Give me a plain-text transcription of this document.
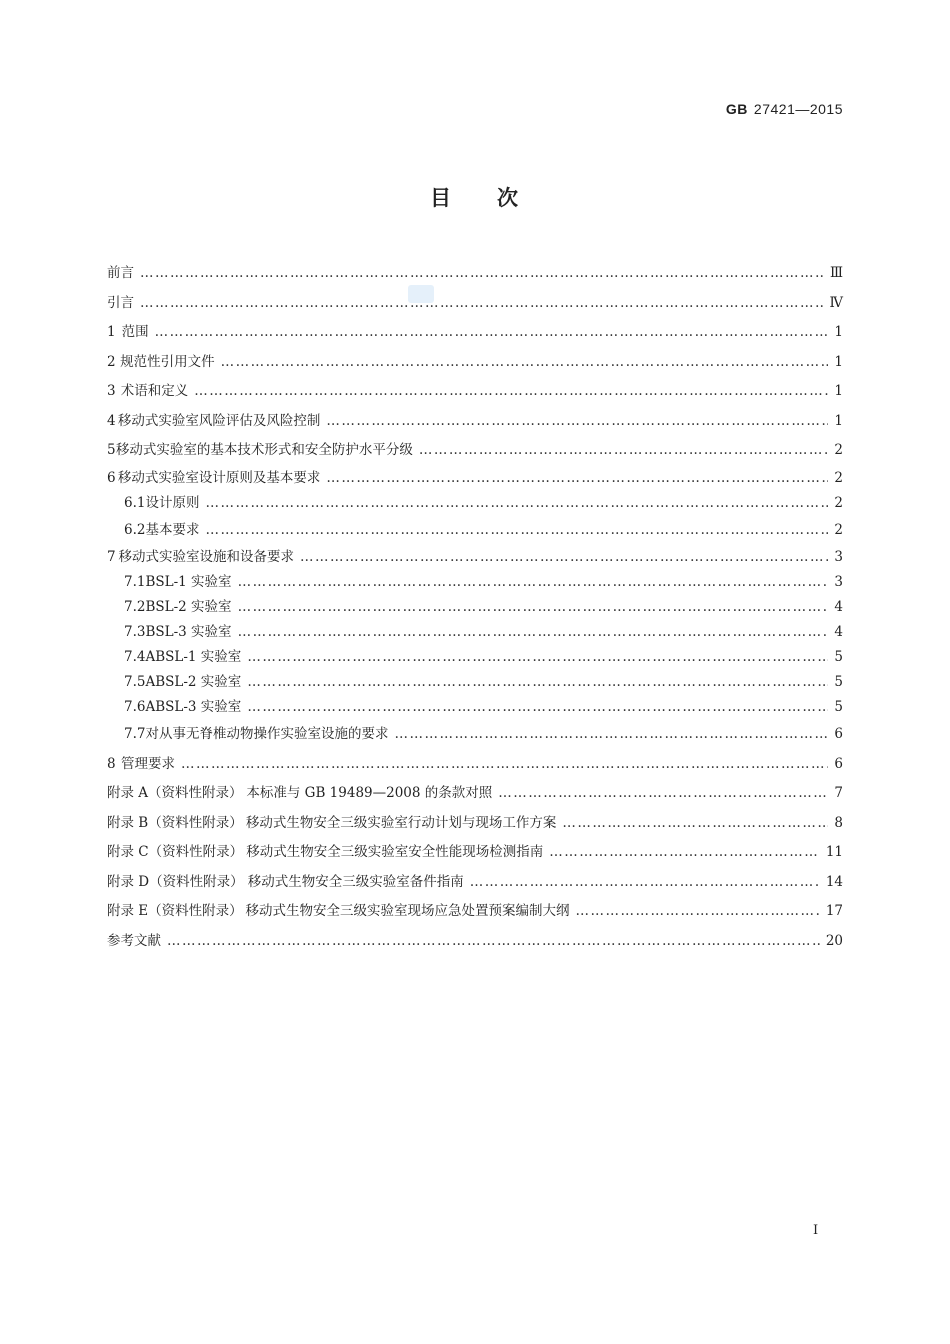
GB 27421—2015
目 次
前言 ……………………………………………………………………………………………………………………………………………………………………………………………………………………	Ⅲ
引言 ……………………………………………………………………………………………………………………………………………………………………………………………………………………	Ⅳ
1 范围 ……………………………………………………………………………………………………………………………………………………………………………………………………………………	1
2 规范性引用文件 ……………………………………………………………………………………………………………………………………………………………………………………………………………………	1
3 术语和定义 ……………………………………………………………………………………………………………………………………………………………………………………………………………………	1
4 移动式实验室风险评估及风险控制 ……………………………………………………………………………………………………………………………………………………………………………………………………………………	1
5 移动式实验室的基本技术形式和安全防护水平分级 ……………………………………………………………………………………………………………………………………………………………………………………………………………………	2
6 移动式实验室设计原则及基本要求 ……………………………………………………………………………………………………………………………………………………………………………………………………………………	2
6.1 设计原则 ……………………………………………………………………………………………………………………………………………………………………………………………………………………	2
6.2 基本要求 ……………………………………………………………………………………………………………………………………………………………………………………………………………………	2
7 移动式实验室设施和设备要求 ……………………………………………………………………………………………………………………………………………………………………………………………………………………	3
7.1 BSL-1 实验室 ……………………………………………………………………………………………………………………………………………………………………………………………………………………	3
7.2 BSL-2 实验室 ……………………………………………………………………………………………………………………………………………………………………………………………………………………	4
7.3 BSL-3 实验室 ……………………………………………………………………………………………………………………………………………………………………………………………………………………	4
7.4 ABSL-1 实验室 ……………………………………………………………………………………………………………………………………………………………………………………………………………………	5
7.5 ABSL-2 实验室 ……………………………………………………………………………………………………………………………………………………………………………………………………………………	5
7.6 ABSL-3 实验室 ……………………………………………………………………………………………………………………………………………………………………………………………………………………	5
7.7 对从事无脊椎动物操作实验室设施的要求 ……………………………………………………………………………………………………………………………………………………………………………………………………………………	6
8 管理要求 ……………………………………………………………………………………………………………………………………………………………………………………………………………………	6
附录 A（资料性附录） 本标准与 GB 19489—2008 的条款对照 ……………………………………………………………………………………………………………………………………………………………………………………………………………………	7
附录 B（资料性附录） 移动式生物安全三级实验室行动计划与现场工作方案 ……………………………………………………………………………………………………………………………………………………………………………………………………………………	8
附录 C（资料性附录） 移动式生物安全三级实验室安全性能现场检测指南 ……………………………………………………………………………………………………………………………………………………………………………………………………………………	11
附录 D（资料性附录） 移动式生物安全三级实验室备件指南 ……………………………………………………………………………………………………………………………………………………………………………………………………………………	14
附录 E（资料性附录） 移动式生物安全三级实验室现场应急处置预案编制大纲 ……………………………………………………………………………………………………………………………………………………………………………………………………………………	17
参考文献 ……………………………………………………………………………………………………………………………………………………………………………………………………………………	20
Ⅰ
